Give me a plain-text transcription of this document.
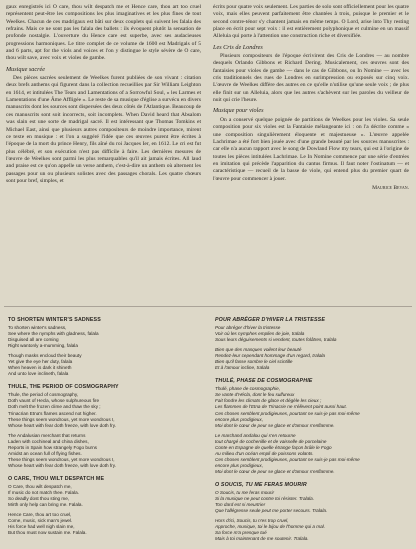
gaux enregistrés ici O care, thou wilt despatch me et Hence care, thou art too cruel représentent peut-être les compositions les plus imaginatives et les plus fines de tout Weelkes. Chacun de ces madrigaux est bâti sur deux couplets qui suivent les falala des refrains. Mais ce ne sont pas les falala des ballets : ils évoquent plutôt la sensation de profonde nostalgie. L'ouverture du Hence care est superbe, avec ses audacieuses progressions harmoniques. Le titre complet de ce volume de 1600 est Madrigals of 5 and 6 parts, apt for the viols and voices et l'on y distingue le style sévère de O care, thou wilt save, avec voix et violes de gambe.

Musique sacrée

Des pièces sacrées seulement de Weelkes furent publiées de son vivant : citation deux brefs anthems qui figurent dans la collection recueillies par Sir William Leighton en 1614, et intitulées The Tears and Lamentations of a Sorrowful Soul, « les Larmes et Lamentations d'une Âme Affligée ». Le reste de sa musique d'église a survécu en divers manuscrits dont les sources sont dispersées des deux côtés de l'Atlantique. Beaucoup de ces manuscrits sont soit incorrects, soit incomplets. When David heard that Absalom was slain est une sorte de madrigal sacré. Il est intéressant que Thomas Tomkins et Michael East, ainsi que plusieurs autres compositeurs de moindre importance, mirent ce texte en musique : et l'on a suggéré l'idée que ces œuvres purent être écrites à l'époque de la mort du prince Henry, fils aîné du roi Jacques Ier, en 1612. Le cri est fut plus célébré, et son exécution n'est pas difficile à faire. Les dernières mesures de l'œuvre de Weelkes sont parmi les plus remarquables qu'il ait jamais écrites. All laud and praise est ce qu'on appelle un verse anthem, c'est-à-dire un anthem où alternent les passages pour un ou plusieurs solistes avec des passages chorals. Les quatre chœurs sont pour bref, simples, et

écrits pour quatre voix seulement. Les parties de solo sont officiellement pour les quatre voix, mais elles peuvent parfaitement être chantées à trois, puisque le premier et le second contre-ténor s'y chantent jamais en même temps. O Lord, arise into Thy resting place en écrit pour sept voix : il est entièrement polyphonique et culmine en un massif Alleluia qui porte à l'attention une construction riche et diversifiée.

Les Cris de Londres

Plusieurs compositeurs de l'époque écrivirent des Cris de Londres — au nombre desquels Orlando Gibbons et Richard Dering. Musicalement, ces œuvres sont des fantaisies pour violes de gambe — dans le cas de Gibbons, ou In Nomine — avec les cris traditionnels des rues de Londres en surimpression ou exposés sur cinq voix. L'œuvre de Weelkes diffère des autres en ce qu'elle n'utilise qu'une seule voix ; de plus elle finit sur un Alleluia, alors que les autres s'achèvent sur les paroles du veilleur de nuit qui crie l'heure.

Musique pour violes

On a conservé quelque poignée de partitions de Weelkes pour les violes. Sa seule composition pour six violes est la Fantaisie mélangeante ici : on l'a décrite comme « une composition singulièrement éloquente et majestueuse ». L'œuvre appelée Lachrimae a été fort bien jouée avec d'une grande beauté par les sources manuscrites : car elle n'a aucun rapport avec le song de Dowland Flow my tears, qui est à l'origine de toutes les pièces intitulées Lachrimae. Le In Nomine commence par une série d'entrées en imitation qui précède l'apparition du cantus firmus. Il faut noter l'ostinatum — et caractéristique — recueil de la basse de viole, qui entend plus du premier quart de l'œuvre pour commencer à jouer.

Maurice Bevan.
TO SHORTEN WINTER'S SADNESS
To shorten winter's sadness,
See where the nymphs with gladness, falala
Disguised all are coming
Right wantonly a-mumming, falala
Though masks encloud their beauty
Yet give the eye her duty, falala
When heaven is dark it shineth
And unto love inclineth, falala
THULE, THE PERIOD OF COSMOGRAPHY
Thule, the period of cosmography,
Doth vaunt of Hecla, whose sulphureous fire
Doth melt the frozen clime and thaw the sky ;
Trinacrian Etna's flames ascend not higher.
These things seem wondrous, yet more wondrous I,
Whose heart with fear doth freeze, with love doth fry.
The Andalusian merchant that returns
Laden with cochineal and china dishes,
Reports in Spain how strangely Fogo burns
Amidst an ocean full of flying fishes.
These things seem wondrous, yet more wondrous I,
Whose heart with fear doth freeze, with love doth fry.
O CARE, THOU WILT DESPATCH ME
O Care, thou wilt despatch me,
If music do not match thee. Falala.
So deadly dost thou sting me,
Mirth only help can bring me. Falala.
Hence Care, thou art too cruel,
Come, music, sick man's jewel.
His force had well nigh slain me,
But thou must now sustain me. Falala.
POUR ABRÉGER D'HIVER LA TRISTESSE
Pour abréger d'hiver la tristesse
Voir où les nymphes emplies de joie, tralala
Sous leurs déguisements si vendent, toutes folâtres, tralala
Bien que des masques voilent leur beauté
Rendez-leur cependant hommage d'un regard, tralala
Bien qu'il fasse sombre le ciel scintille
Et à l'amour incline, tralala
THULÉ, PHASE DE COSMOGRAPHIE
Thulé, phase de cosmographie,
Se vante d'Hécla, dont le feu sulfureux
Fait fondre les climats de glace et dégèle les cieux ;
Les flammes de l'Etna de Trinacrie ne s'élèvent point aussi haut.
Ces choses semblent prodigieuses, pourtant ne suis-je pas moi-même
encore plus prodigieux,
Moi dont le cœur de peur se glace et d'amour s'enflamme.
Le marchand andalou qui s'en retourne
tout chargé de cochenille et de vaisselle de porcelaine
Conte en Espagne de quelle étrange façon brûle le Fogo
Au milieu d'un océan empli de poissons volants.
Ces choses semblent prodigieuses, pourtant ne suis-je pas moi-même
encore plus prodigieux,
Moi dont le cœur de peur se glace et d'amour s'enflamme.
O SOUCIS, TU ME FERAS MOURIR
O Soucis, tu me feras mourir
Si la musique ne peut contre toi résister. Tralala.
Ton dard est si meurtrier
Que l'allégresse seule peut me porter secours. Tralala.
Hors d'ici, Soucis, tu n'es trop cruel,
Approche, musique, toi le bijou de l'homme qui a mal.
Sa force m'a presque tué
Mais à toi maintenant de me soutenir. Tralala.
